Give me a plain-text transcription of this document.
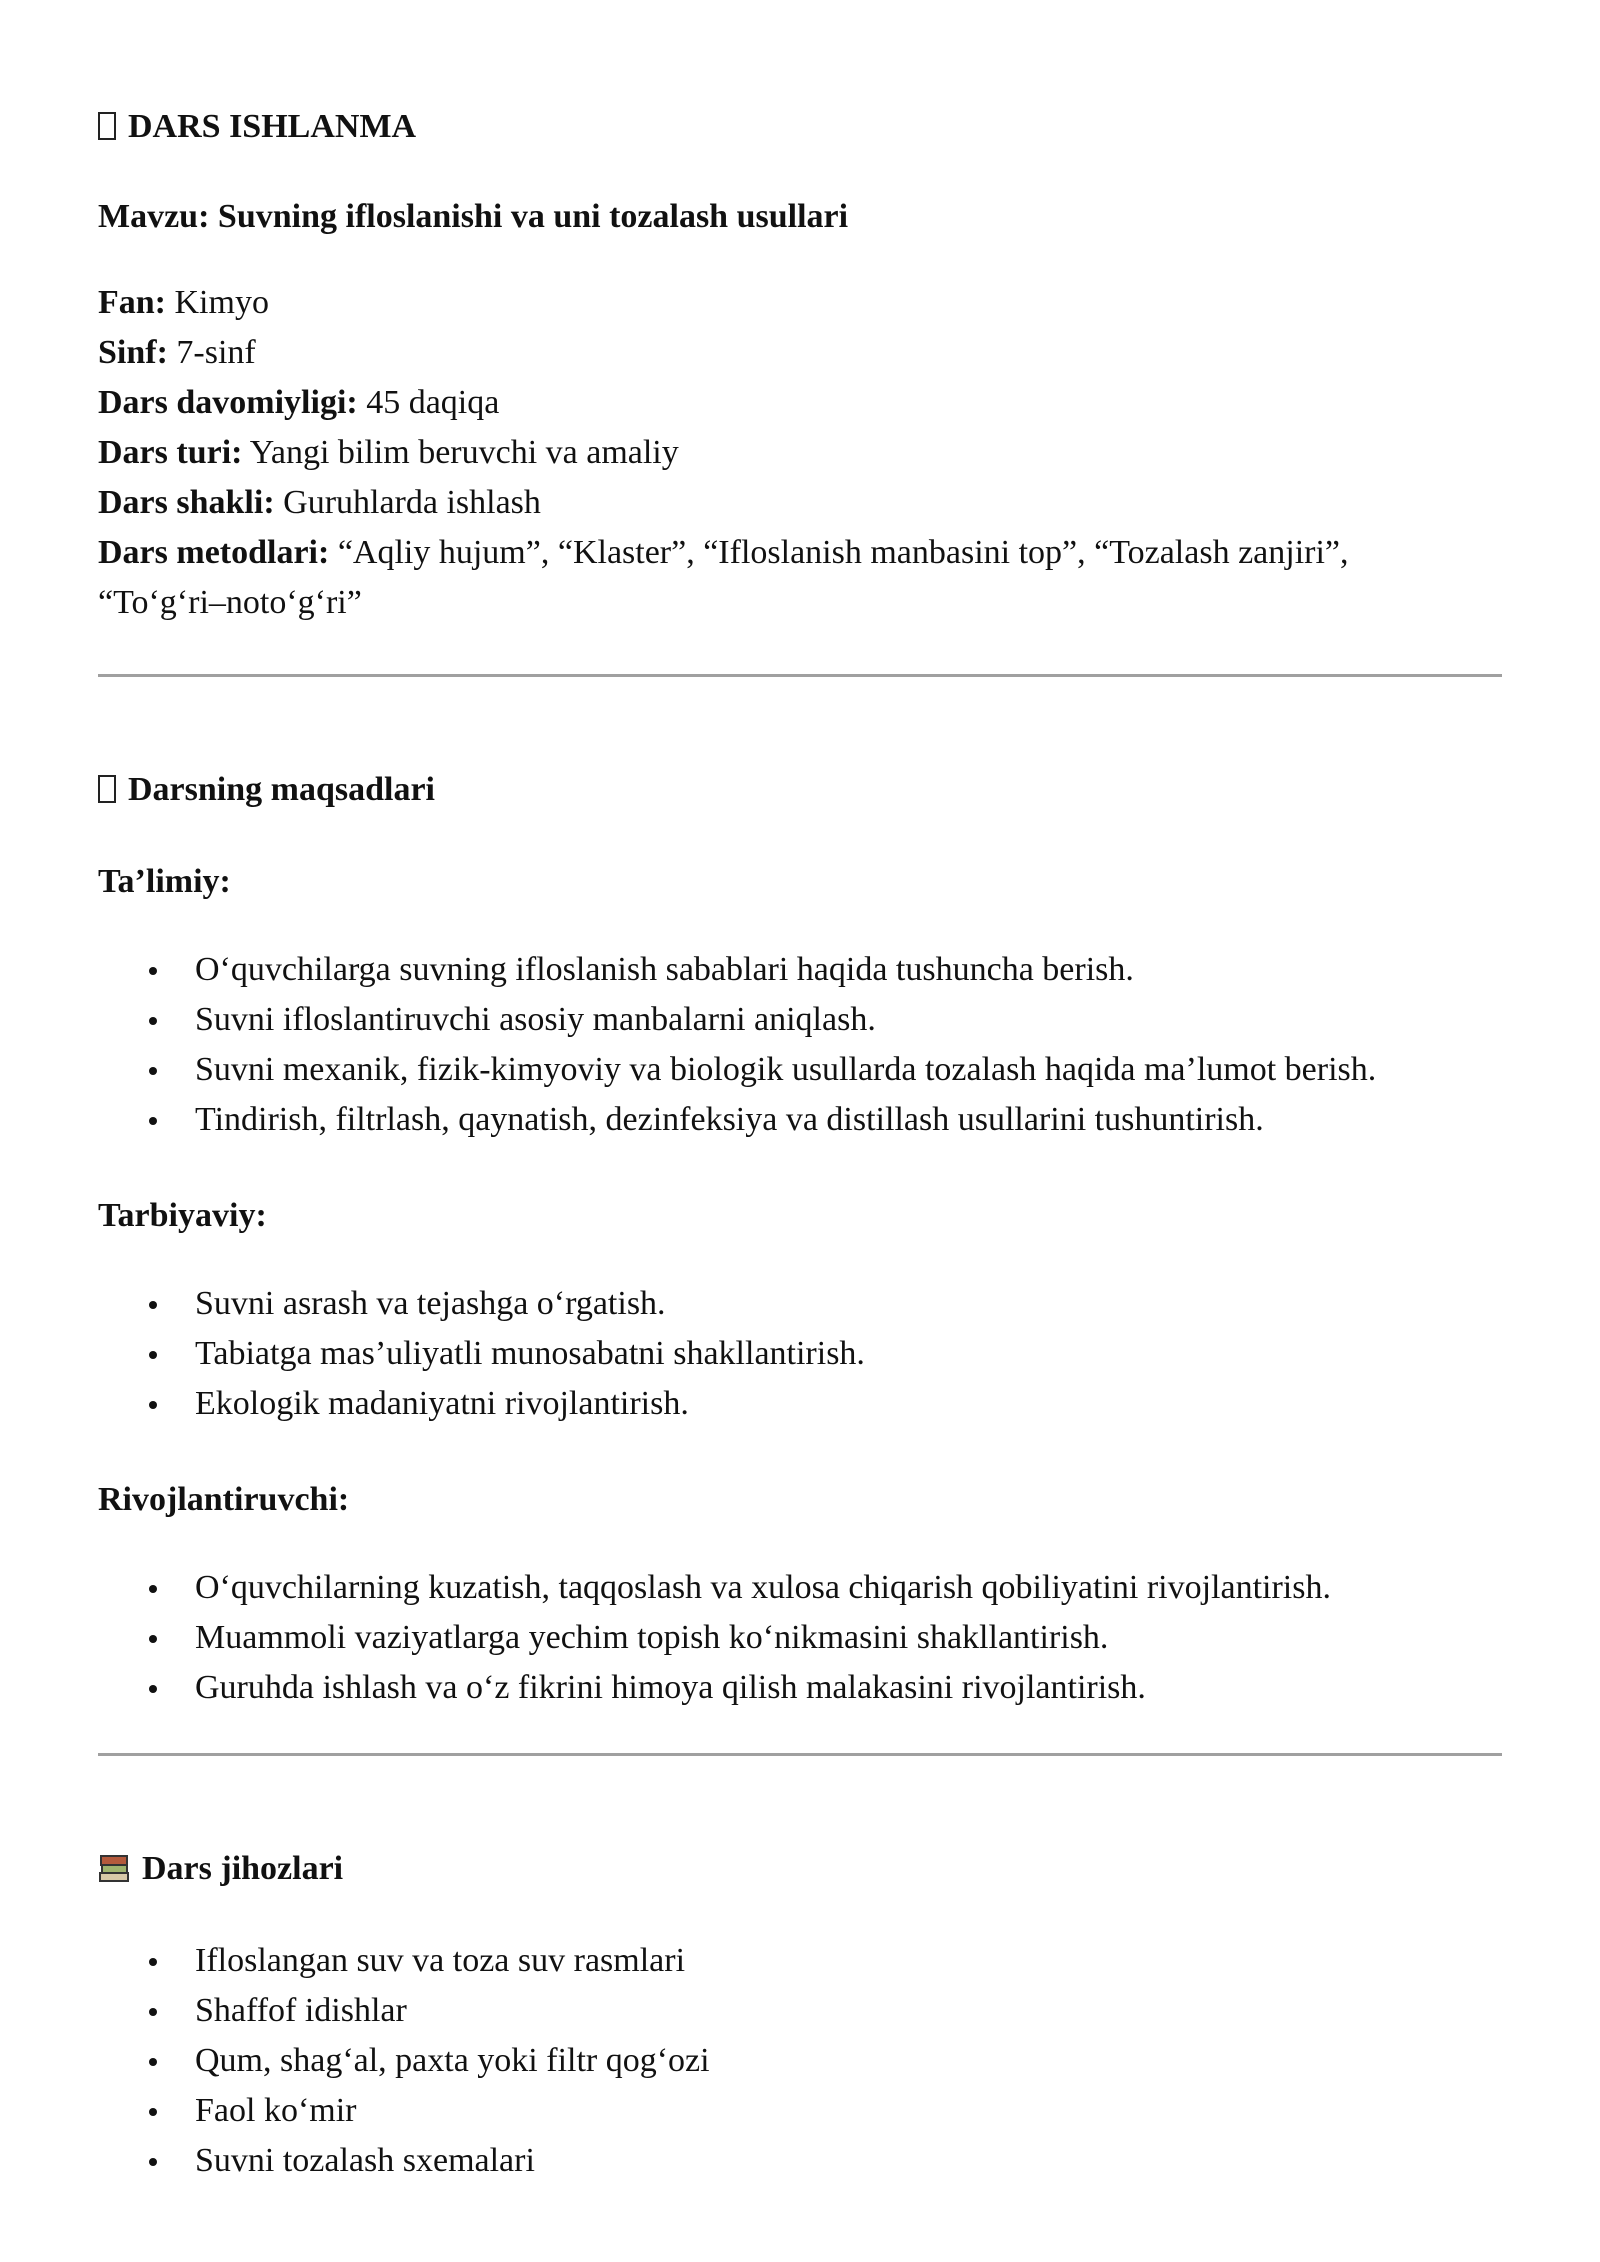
DARS ISHLANMA

Mavzu: Suvning ifloslanishi va uni tozalash usullari

Fan: Kimyo
Sinf: 7-sinf
Dars davomiyligi: 45 daqiqa
Dars turi: Yangi bilim beruvchi va amaliy
Dars shakli: Guruhlarda ishlash
Dars metodlari: “Aqliy hujum”, “Klaster”, “Ifloslanish manbasini top”, “Tozalash zanjiri”,
“To‘g‘ri–noto‘g‘ri”
Darsning maqsadlari
Ta’limiy:
O‘quvchilarga suvning ifloslanish sabablari haqida tushuncha berish.
Suvni ifloslantiruvchi asosiy manbalarni aniqlash.
Suvni mexanik, fizik-kimyoviy va biologik usullarda tozalash haqida ma’lumot berish.
Tindirish, filtrlash, qaynatish, dezinfeksiya va distillash usullarini tushuntirish.
Tarbiyaviy:
Suvni asrash va tejashga o‘rgatish.
Tabiatga mas’uliyatli munosabatni shakllantirish.
Ekologik madaniyatni rivojlantirish.
Rivojlantiruvchi:
O‘quvchilarning kuzatish, taqqoslash va xulosa chiqarish qobiliyatini rivojlantirish.
Muammoli vaziyatlarga yechim topish ko‘nikmasini shakllantirish.
Guruhda ishlash va o‘z fikrini himoya qilish malakasini rivojlantirish.
Dars jihozlari
Ifloslangan suv va toza suv rasmlari
Shaffof idishlar
Qum, shag‘al, paxta yoki filtr qog‘ozi
Faol ko‘mir
Suvni tozalash sxemalari
